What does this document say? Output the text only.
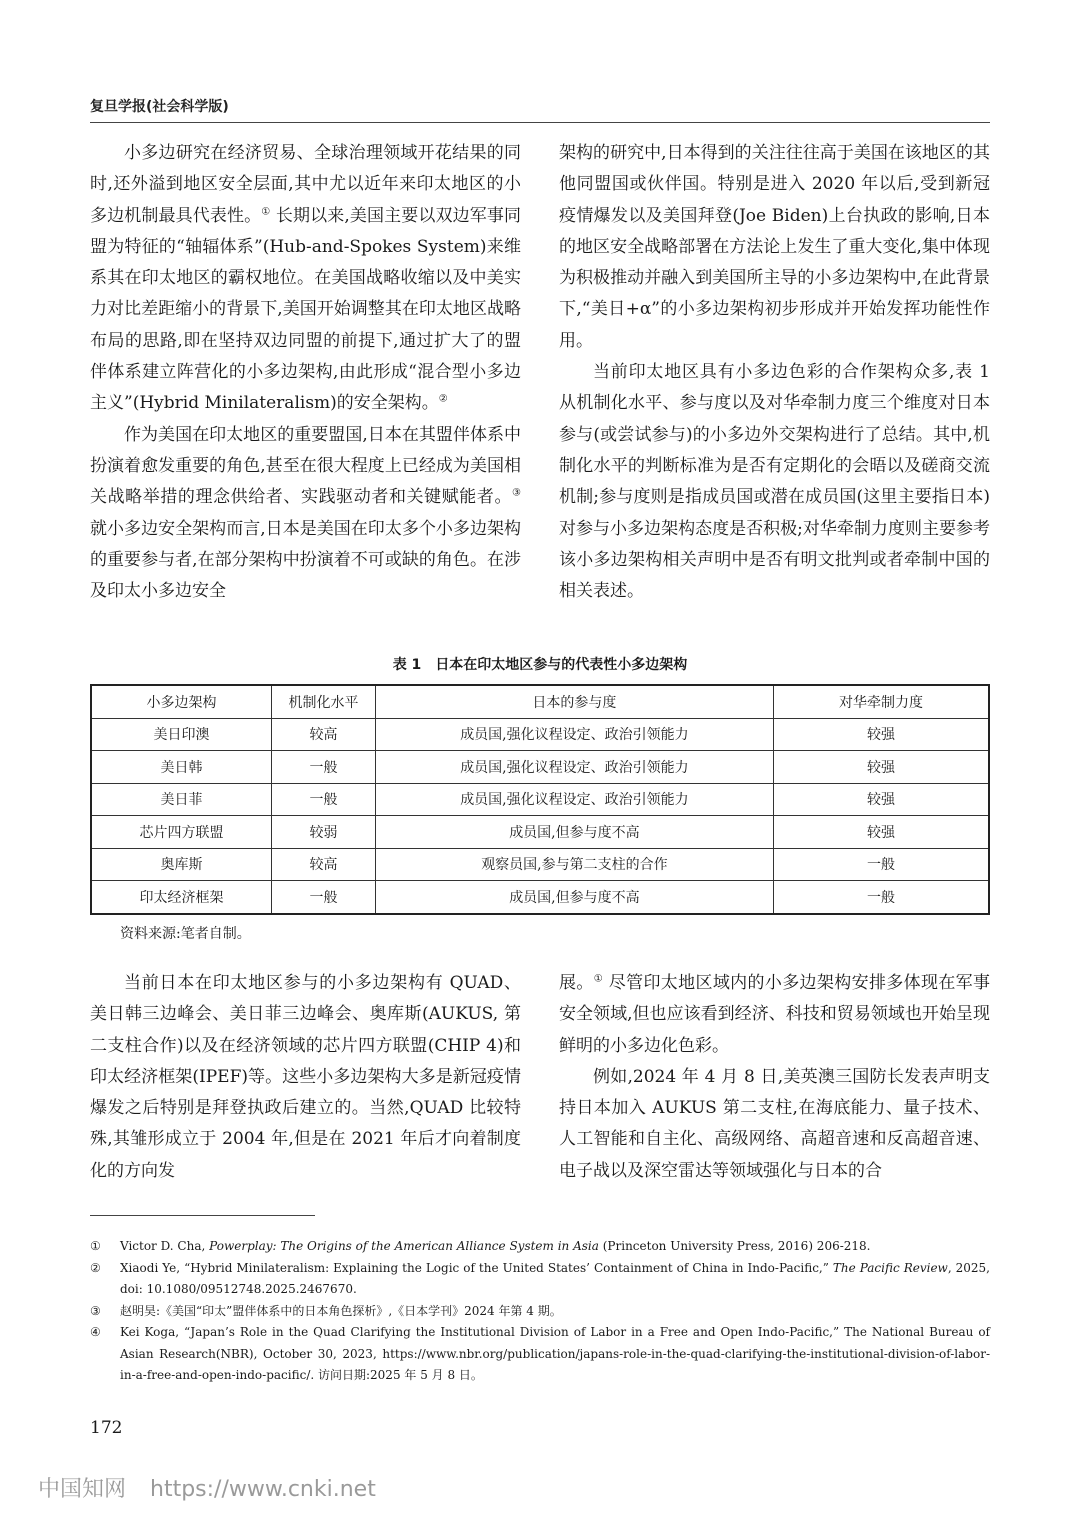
复旦学报(社会科学版)

小多边研究在经济贸易、全球治理领域开花结果的同时,还外溢到地区安全层面,其中尤以近年来印太地区的小多边机制最具代表性。① 长期以来,美国主要以双边军事同盟为特征的“轴辐体系”(Hub-and-Spokes System)来维系其在印太地区的霸权地位。在美国战略收缩以及中美实力对比差距缩小的背景下,美国开始调整其在印太地区战略布局的思路,即在坚持双边同盟的前提下,通过扩大了的盟伴体系建立阵营化的小多边架构,由此形成“混合型小多边主义”(Hybrid Minilateralism)的安全架构。②

作为美国在印太地区的重要盟国,日本在其盟伴体系中扮演着愈发重要的角色,甚至在很大程度上已经成为美国相关战略举措的理念供给者、实践驱动者和关键赋能者。③ 就小多边安全架构而言,日本是美国在印太多个小多边架构的重要参与者,在部分架构中扮演着不可或缺的角色。在涉及印太小多边安全

架构的研究中,日本得到的关注往往高于美国在该地区的其他同盟国或伙伴国。特别是进入 2020 年以后,受到新冠疫情爆发以及美国拜登(Joe Biden)上台执政的影响,日本的地区安全战略部署在方法论上发生了重大变化,集中体现为积极推动并融入到美国所主导的小多边架构中,在此背景下,“美日+α”的小多边架构初步形成并开始发挥功能性作用。

当前印太地区具有小多边色彩的合作架构众多,表 1 从机制化水平、参与度以及对华牵制力度三个维度对日本参与(或尝试参与)的小多边外交架构进行了总结。其中,机制化水平的判断标准为是否有定期化的会晤以及磋商交流机制;参与度则是指成员国或潜在成员国(这里主要指日本)对参与小多边架构态度是否积极;对华牵制力度则主要参考该小多边架构相关声明中是否有明文批判或者牵制中国的相关表述。

表 1 日本在印太地区参与的代表性小多边架构
小多边架构	机制化水平	日本的参与度	对华牵制力度
美日印澳	较高	成员国,强化议程设定、政治引领能力	较强
美日韩	一般	成员国,强化议程设定、政治引领能力	较强
美日菲	一般	成员国,强化议程设定、政治引领能力	较强
芯片四方联盟	较弱	成员国,但参与度不高	较强
奥库斯	较高	观察员国,参与第二支柱的合作	一般
印太经济框架	一般	成员国,但参与度不高	一般
资料来源:笔者自制。

当前日本在印太地区参与的小多边架构有 QUAD、美日韩三边峰会、美日菲三边峰会、奥库斯(AUKUS, 第二支柱合作)以及在经济领域的芯片四方联盟(CHIP 4)和印太经济框架(IPEF)等。这些小多边架构大多是新冠疫情爆发之后特别是拜登执政后建立的。当然,QUAD 比较特殊,其雏形成立于 2004 年,但是在 2021 年后才向着制度化的方向发

展。① 尽管印太地区域内的小多边架构安排多体现在军事安全领域,但也应该看到经济、科技和贸易领域也开始呈现鲜明的小多边化色彩。

例如,2024 年 4 月 8 日,美英澳三国防长发表声明支持日本加入 AUKUS 第二支柱,在海底能力、量子技术、人工智能和自主化、高级网络、高超音速和反高超音速、电子战以及深空雷达等领域强化与日本的合

① Victor D. Cha, Powerplay: The Origins of the American Alliance System in Asia (Princeton University Press, 2016) 206-218.

② Xiaodi Ye, “Hybrid Minilateralism: Explaining the Logic of the United States’ Containment of China in Indo-Pacific,” The Pacific Review, 2025, doi: 10.1080/09512748.2025.2467670.

③ 赵明昊:《美国“印太”盟伴体系中的日本角色探析》,《日本学刊》2024 年第 4 期。

④ Kei Koga, “Japan’s Role in the Quad Clarifying the Institutional Division of Labor in a Free and Open Indo-Pacific,” The National Bureau of Asian Research(NBR), October 30, 2023, https://www.nbr.org/publication/japans-role-in-the-quad-clarifying-the-institutional-division-of-labor-in-a-free-and-open-indo-pacific/. 访问日期:2025 年 5 月 8 日。

172
中国知网 https://www.cnki.net
